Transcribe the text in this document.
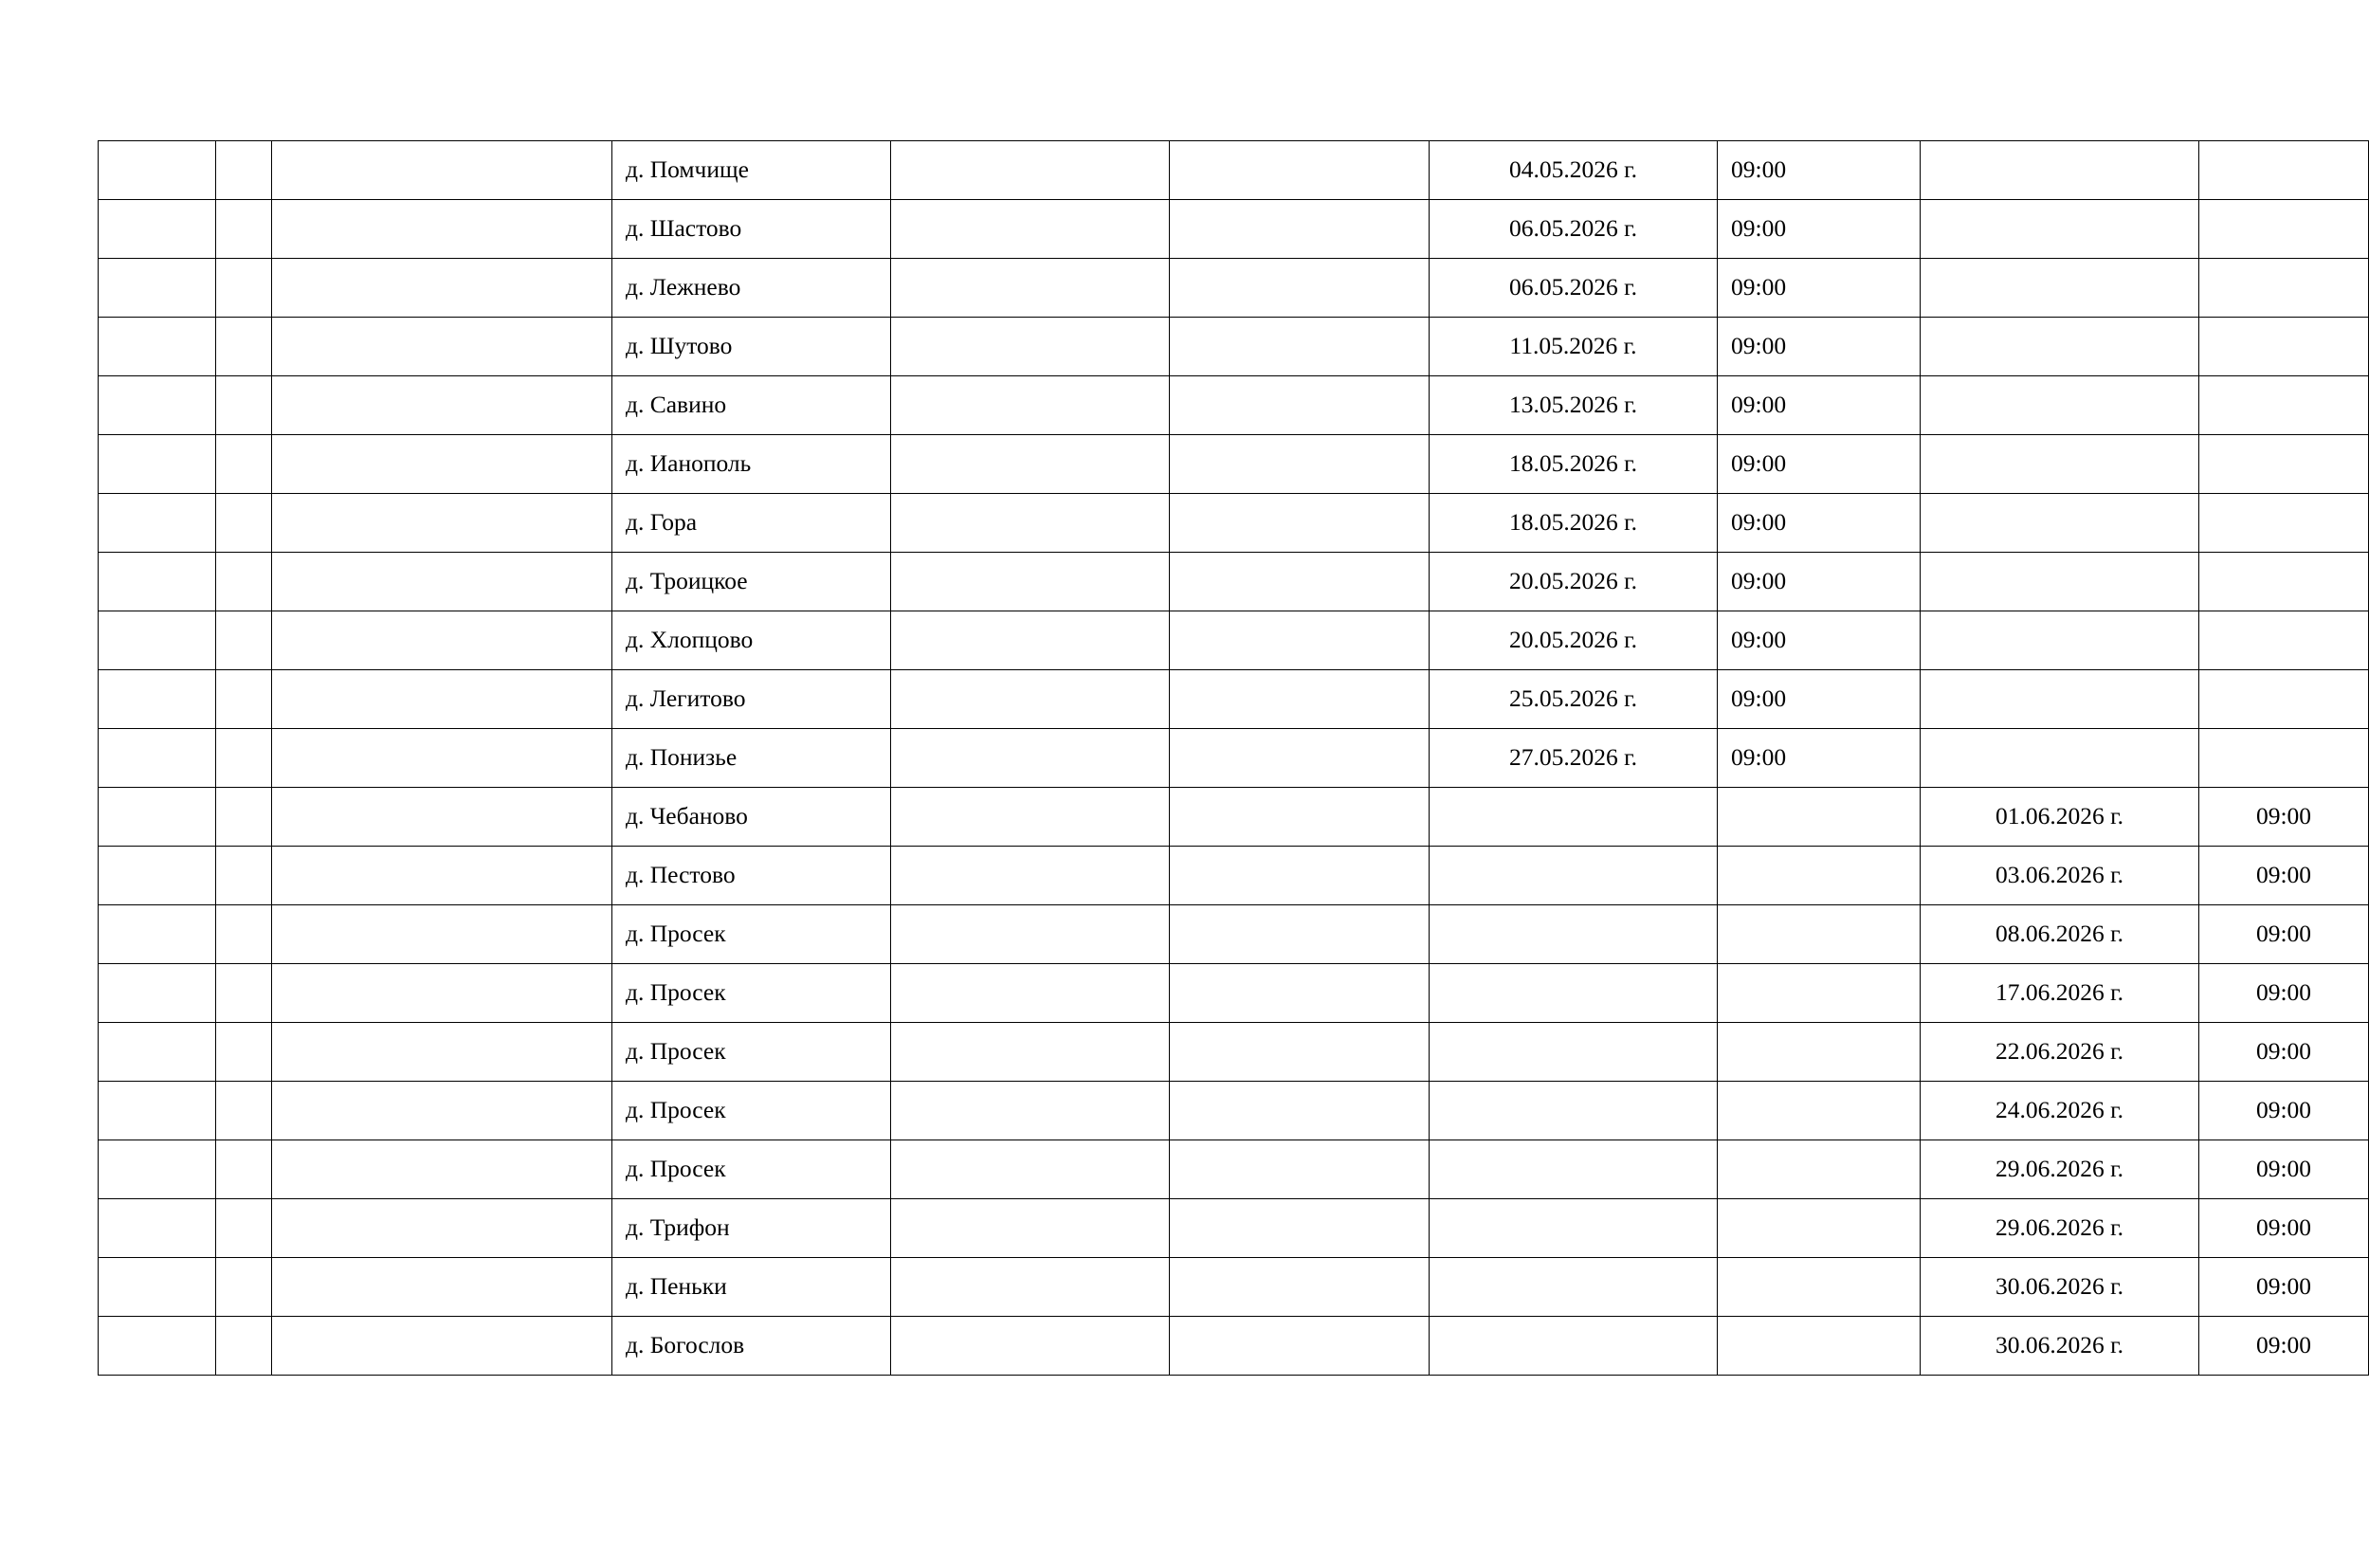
			д. Помчище			04.05.2026 г.	09:00		
			д. Шастово			06.05.2026 г.	09:00		
			д. Лежнево			06.05.2026 г.	09:00		
			д. Шутово			11.05.2026 г.	09:00		
			д. Савино			13.05.2026 г.	09:00		
			д. Ианополь			18.05.2026 г.	09:00		
			д. Гора			18.05.2026 г.	09:00		
			д. Троицкое			20.05.2026 г.	09:00		
			д. Хлопцово			20.05.2026 г.	09:00		
			д. Легитово			25.05.2026 г.	09:00		
			д. Понизье			27.05.2026 г.	09:00		
			д. Чебаново					01.06.2026 г.	09:00
			д. Пестово					03.06.2026 г.	09:00
			д. Просек					08.06.2026 г.	09:00
			д. Просек					17.06.2026 г.	09:00
			д. Просек					22.06.2026 г.	09:00
			д. Просек					24.06.2026 г.	09:00
			д. Просек					29.06.2026 г.	09:00
			д. Трифон					29.06.2026 г.	09:00
			д. Пеньки					30.06.2026 г.	09:00
			д. Богослов					30.06.2026 г.	09:00
